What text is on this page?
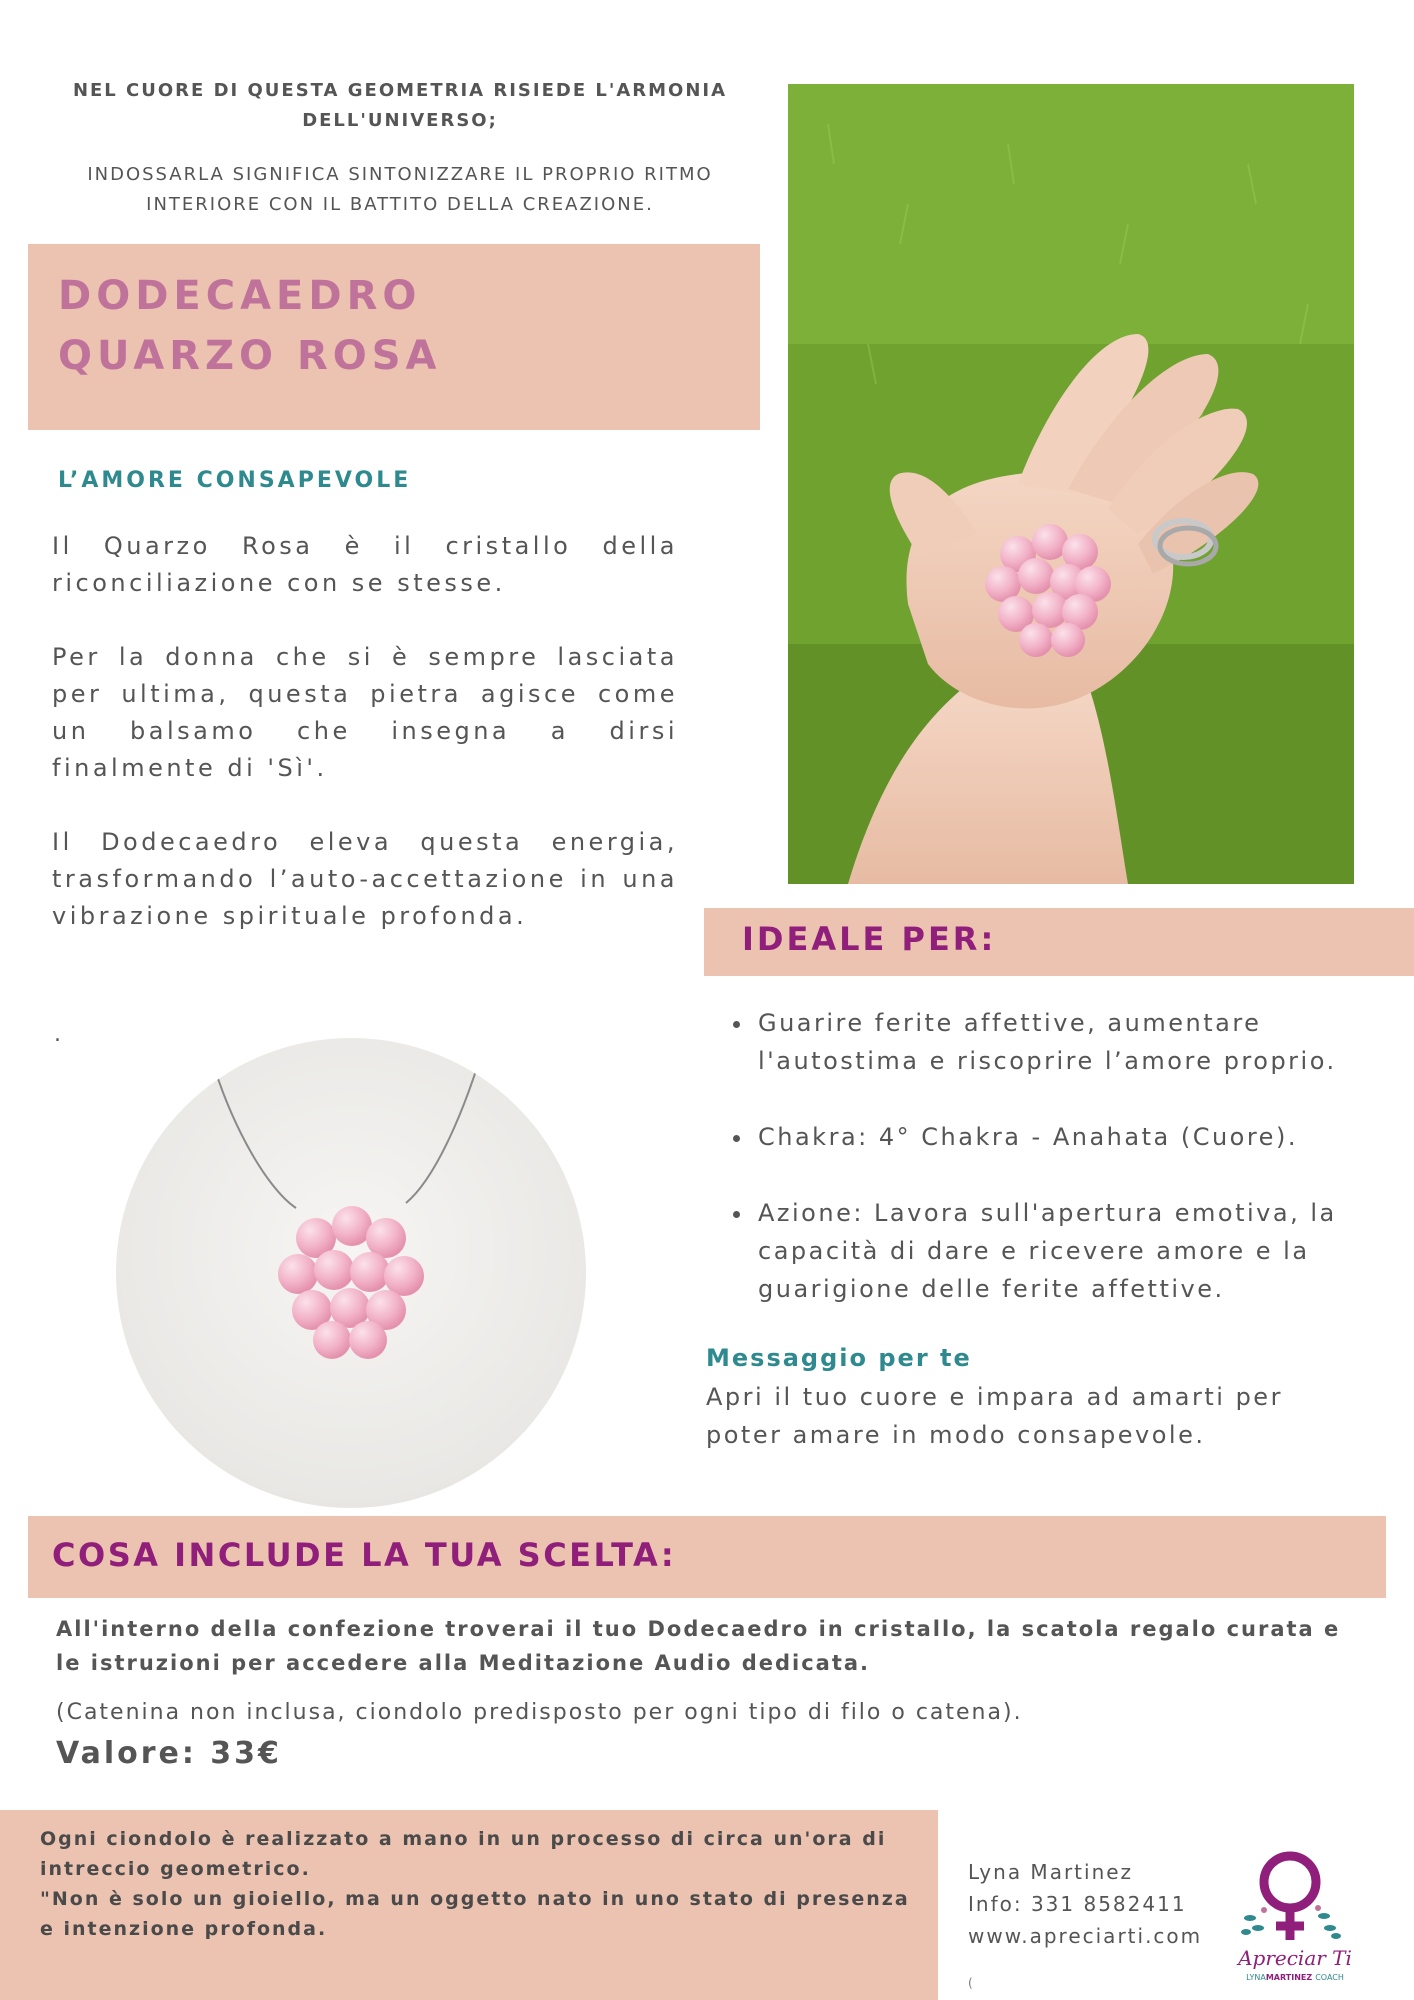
NEL CUORE DI QUESTA GEOMETRIA RISIEDE L'ARMONIA
DELL'UNIVERSO;
INDOSSARLA SIGNIFICA SINTONIZZARE IL PROPRIO RITMO
INTERIORE CON IL BATTITO DELLA CREAZIONE.
DODECAEDRO
QUARZO ROSA
L’AMORE CONSAPEVOLE

Il Quarzo Rosa è il cristallo della riconciliazione con se stesse.

Per la donna che si è sempre lasciata per ultima, questa pietra agisce come un balsamo che insegna a dirsi finalmente di 'Sì'.

Il Dodecaedro eleva questa energia, trasformando l’auto-accettazione in una vibrazione spirituale profonda.

.
IDEALE PER:
• Guarire ferite affettive, aumentare l'autostima e riscoprire l’amore proprio.
• Chakra: 4° Chakra - Anahata (Cuore).
• Azione: Lavora sull'apertura emotiva, la capacità di dare e ricevere amore e la guarigione delle ferite affettive.
Messaggio per te
Apri il tuo cuore e impara ad amarti per poter amare in modo consapevole.
COSA INCLUDE LA TUA SCELTA:
All'interno della confezione troverai il tuo Dodecaedro in cristallo, la scatola regalo curata e le istruzioni per accedere alla Meditazione Audio dedicata.
(Catenina non inclusa, ciondolo predisposto per ogni tipo di filo o catena).
Valore: 33€

Ogni ciondolo è realizzato a mano in un processo di circa un'ora di intreccio geometrico.

"Non è solo un gioiello, ma un oggetto nato in uno stato di presenza e intenzione profonda.

Lyna Martinez
Info: 331 8582411
www.apreciarti.com
(
Apreciar Ti
LYNAMARTINEZ COACH
